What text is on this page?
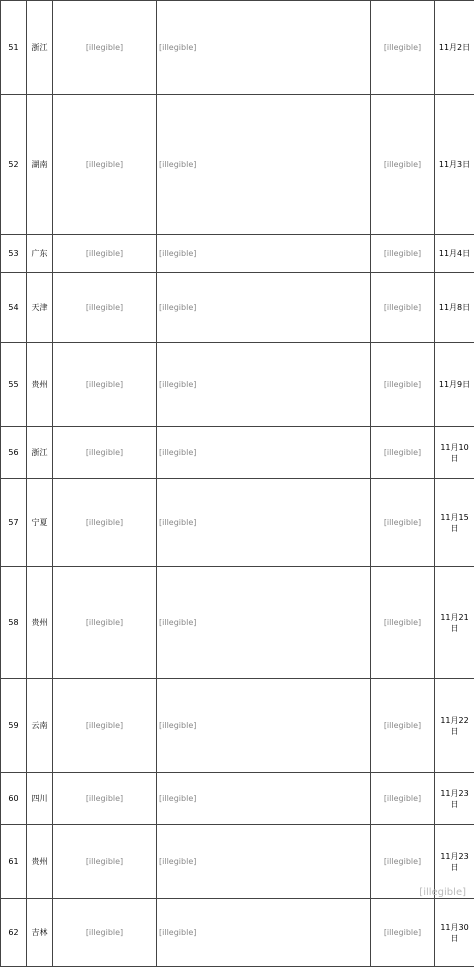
51	浙江	[illegible]	[illegible]	[illegible]	11月2日
52	湖南	[illegible]	[illegible]	[illegible]	11月3日
53	广东	[illegible]	[illegible]	[illegible]	11月4日
54	天津	[illegible]	[illegible]	[illegible]	11月8日
55	贵州	[illegible]	[illegible]	[illegible]	11月9日
56	浙江	[illegible]	[illegible]	[illegible]	11月10日
57	宁夏	[illegible]	[illegible]	[illegible]	11月15日
58	贵州	[illegible]	[illegible]	[illegible]	11月21日
59	云南	[illegible]	[illegible]	[illegible]	11月22日
60	四川	[illegible]	[illegible]	[illegible]	11月23日
61	贵州	[illegible]	[illegible]	[illegible]	11月23日
62	吉林	[illegible]	[illegible]	[illegible]	11月30日
[illegible]
